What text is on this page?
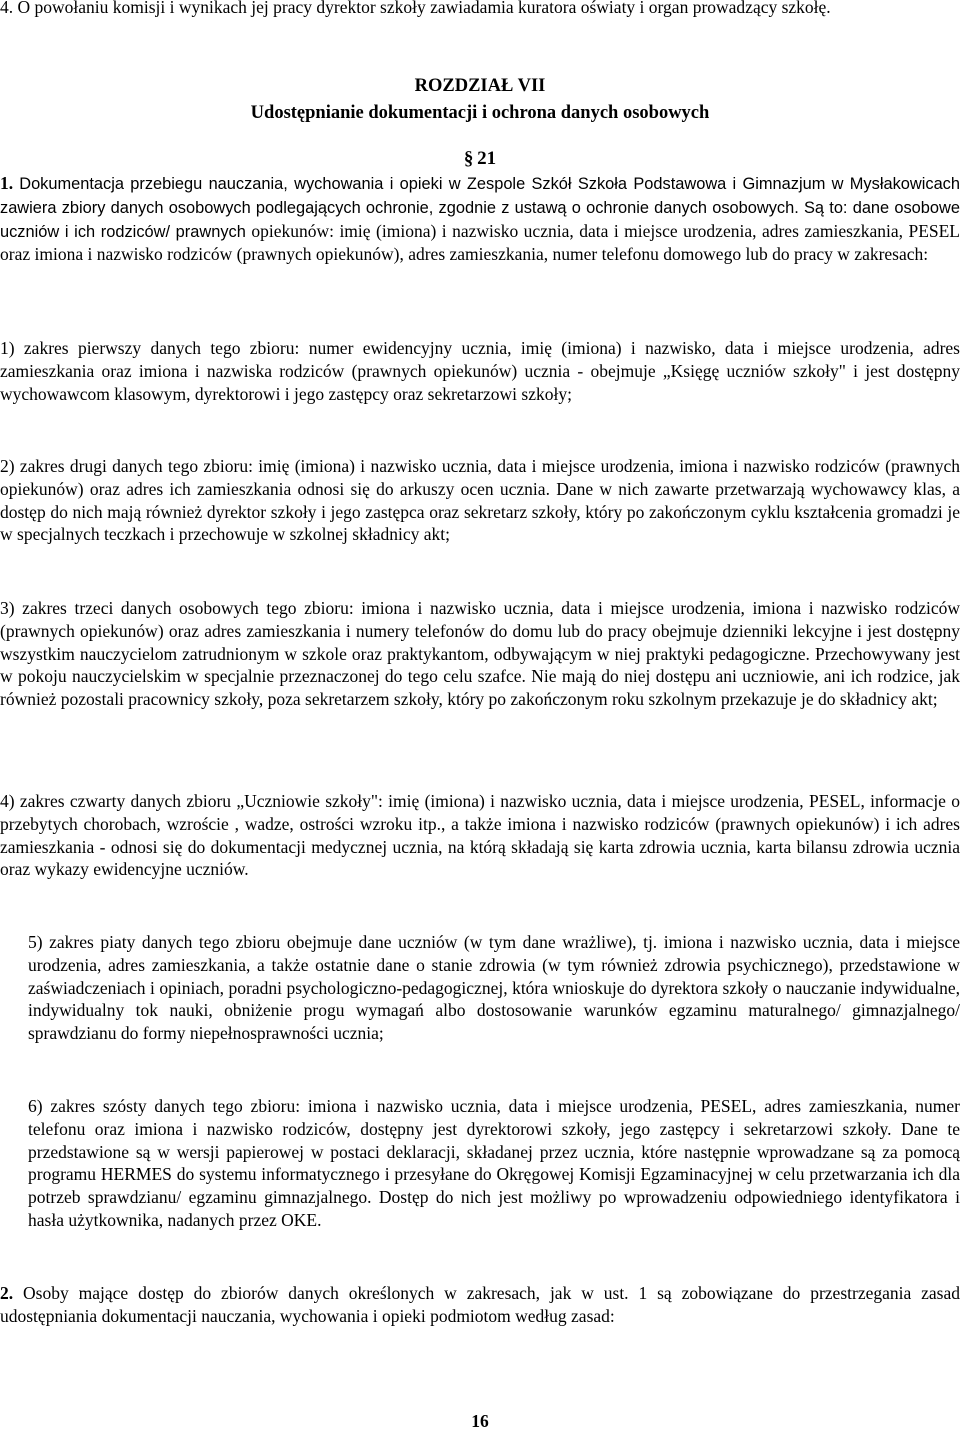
4. O powołaniu komisji i wynikach jej pracy dyrektor szkoły zawiadamia kuratora oświaty i organ prowadzący szkołę.

ROZDZIAŁ VII
Udostępnianie dokumentacji i ochrona danych osobowych
§  21

1. Dokumentacja przebiegu nauczania, wychowania i opieki w Zespole Szkół Szkoła Podstawowa i Gimnazjum w Mysłakowicach zawiera zbiory danych osobowych podlegających ochronie, zgodnie z ustawą o ochronie danych osobowych. Są to: dane osobowe uczniów i ich rodziców/ prawnych opiekunów: imię (imiona) i nazwisko ucznia, data i miejsce urodzenia, adres zamieszkania, PESEL oraz imiona i nazwisko rodziców (prawnych opiekunów), adres zamieszkania, numer telefonu domowego lub do pracy w zakresach:

1) zakres pierwszy danych tego zbioru: numer ewidencyjny ucznia, imię (imiona) i nazwisko, data i miejsce urodzenia, adres zamieszkania oraz imiona i nazwiska rodziców (prawnych opiekunów) ucznia - obejmuje „Księgę uczniów szkoły" i jest dostępny wychowawcom klasowym, dyrektorowi i jego zastępcy oraz sekretarzowi szkoły;

2) zakres drugi danych tego zbioru: imię (imiona) i nazwisko ucznia, data i miejsce urodzenia, imiona i nazwisko rodziców (prawnych opiekunów) oraz adres ich zamieszkania odnosi się do arkuszy ocen ucznia. Dane w nich zawarte przetwarzają wychowawcy klas, a dostęp do nich mają również dyrektor szkoły i jego zastępca oraz sekretarz szkoły, który po zakończonym cyklu kształcenia gromadzi je w specjalnych teczkach i przechowuje w szkolnej składnicy akt;

3) zakres trzeci danych osobowych tego zbioru: imiona i nazwisko ucznia, data i miejsce urodzenia, imiona i nazwisko rodziców (prawnych opiekunów) oraz adres zamieszkania i numery telefonów do domu lub do pracy obejmuje dzienniki lekcyjne i jest dostępny wszystkim nauczycielom zatrudnionym w szkole oraz praktykantom, odbywającym w niej praktyki pedagogiczne. Przechowywany jest w pokoju nauczycielskim w specjalnie przeznaczonej do tego celu szafce. Nie mają do niej dostępu ani uczniowie, ani ich rodzice, jak również pozostali pracownicy szkoły, poza sekretarzem szkoły, który po zakończonym roku szkolnym przekazuje je do składnicy akt;

4) zakres czwarty danych zbioru „Uczniowie szkoły": imię (imiona) i nazwisko ucznia, data i miejsce urodzenia, PESEL, informacje o przebytych chorobach, wzroście , wadze, ostrości wzroku itp., a także imiona i nazwisko rodziców (prawnych opiekunów) i ich adres zamieszkania - odnosi się do dokumentacji medycznej ucznia, na którą składają się karta zdrowia ucznia, karta bilansu zdrowia ucznia oraz wykazy ewidencyjne uczniów.

5) zakres piaty danych tego zbioru obejmuje dane uczniów (w tym dane wrażliwe), tj. imiona i nazwisko ucznia, data i miejsce urodzenia, adres zamieszkania, a także ostatnie dane o stanie zdrowia (w tym również zdrowia psychicznego), przedstawione w zaświadczeniach i opiniach, poradni psychologiczno-pedagogicznej, która wnioskuje do dyrektora szkoły o nauczanie indywidualne, indywidualny tok nauki, obniżenie progu wymagań albo dostosowanie warunków egzaminu maturalnego/ gimnazjalnego/ sprawdzianu do formy niepełnosprawności ucznia;

6) zakres szósty danych tego zbioru: imiona i nazwisko ucznia, data i miejsce urodzenia, PESEL, adres zamieszkania, numer telefonu oraz imiona i nazwisko rodziców, dostępny jest dyrektorowi szkoły, jego zastępcy i sekretarzowi szkoły. Dane te przedstawione są w wersji papierowej w postaci deklaracji, składanej przez ucznia, które następnie wprowadzane są za pomocą programu HERMES do systemu informatycznego i przesyłane do Okręgowej Komisji Egzaminacyjnej w celu przetwarzania ich dla potrzeb sprawdzianu/ egzaminu gimnazjalnego. Dostęp do nich jest możliwy po wprowadzeniu odpowiedniego identyfikatora i hasła użytkownika, nadanych przez OKE.

2. Osoby mające dostęp do zbiorów danych określonych w zakresach, jak w ust. 1 są zobowiązane do przestrzegania zasad udostępniania dokumentacji nauczania, wychowania i opieki podmiotom według zasad:

16
